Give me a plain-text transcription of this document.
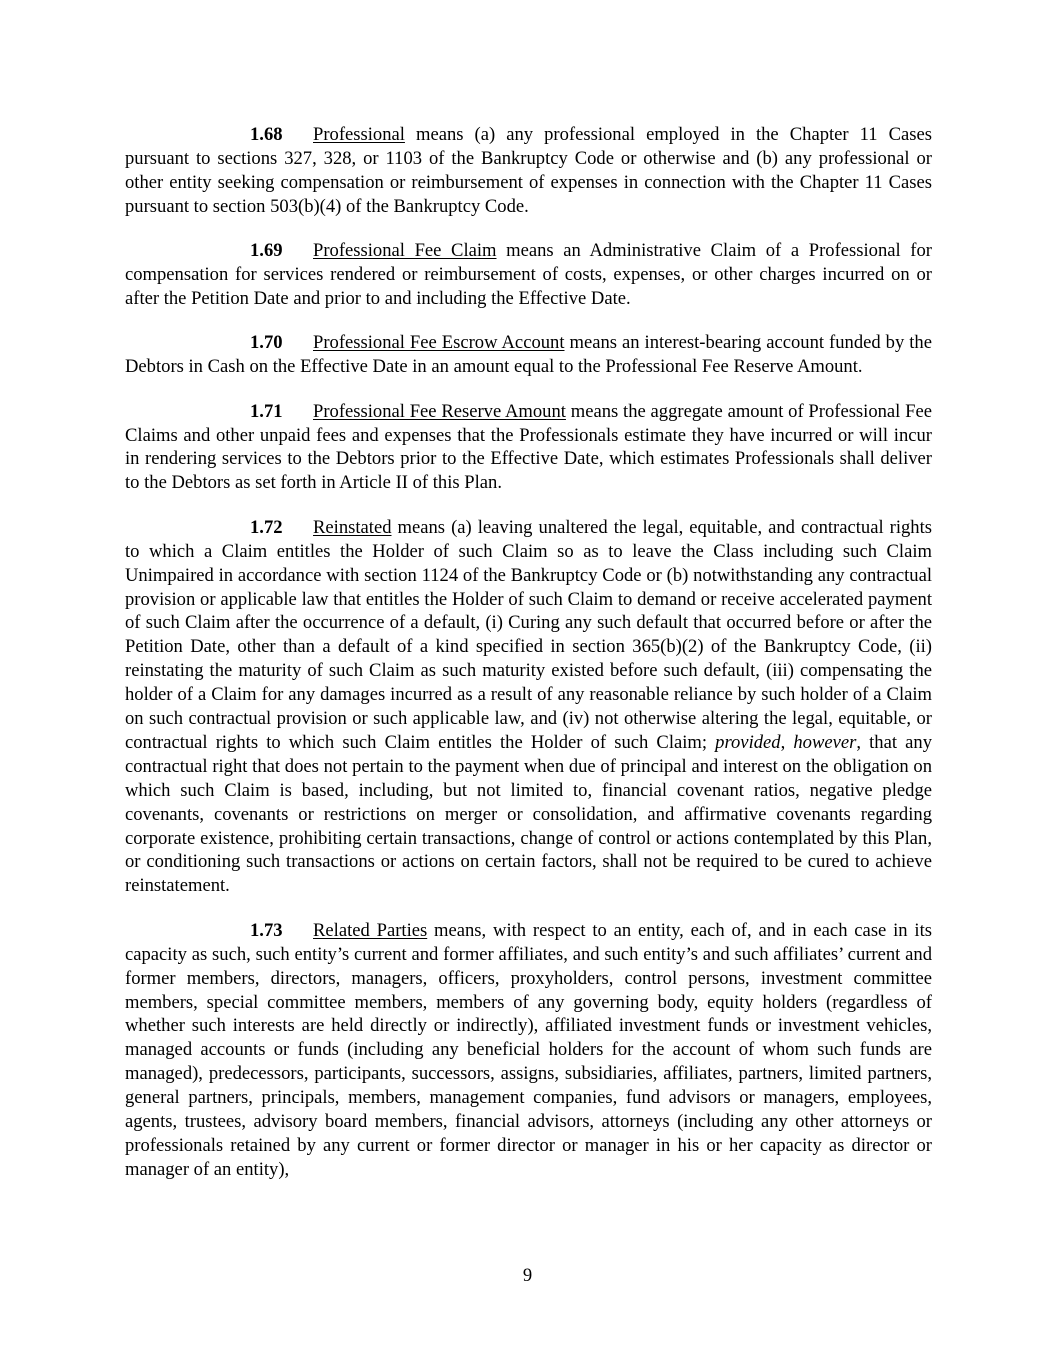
1.68 Professional means (a) any professional employed in the Chapter 11 Cases pursuant to sections 327, 328, or 1103 of the Bankruptcy Code or otherwise and (b) any professional or other entity seeking compensation or reimbursement of expenses in connection with the Chapter 11 Cases pursuant to section 503(b)(4) of the Bankruptcy Code.

1.69 Professional Fee Claim means an Administrative Claim of a Professional for compensation for services rendered or reimbursement of costs, expenses, or other charges incurred on or after the Petition Date and prior to and including the Effective Date.

1.70 Professional Fee Escrow Account means an interest-bearing account funded by the Debtors in Cash on the Effective Date in an amount equal to the Professional Fee Reserve Amount.

1.71 Professional Fee Reserve Amount means the aggregate amount of Professional Fee Claims and other unpaid fees and expenses that the Professionals estimate they have incurred or will incur in rendering services to the Debtors prior to the Effective Date, which estimates Professionals shall deliver to the Debtors as set forth in Article II of this Plan.

1.72 Reinstated means (a) leaving unaltered the legal, equitable, and contractual rights to which a Claim entitles the Holder of such Claim so as to leave the Class including such Claim Unimpaired in accordance with section 1124 of the Bankruptcy Code or (b) notwithstanding any contractual provision or applicable law that entitles the Holder of such Claim to demand or receive accelerated payment of such Claim after the occurrence of a default, (i) Curing any such default that occurred before or after the Petition Date, other than a default of a kind specified in section 365(b)(2) of the Bankruptcy Code, (ii) reinstating the maturity of such Claim as such maturity existed before such default, (iii) compensating the holder of a Claim for any damages incurred as a result of any reasonable reliance by such holder of a Claim on such contractual provision or such applicable law, and (iv) not otherwise altering the legal, equitable, or contractual rights to which such Claim entitles the Holder of such Claim; provided, however, that any contractual right that does not pertain to the payment when due of principal and interest on the obligation on which such Claim is based, including, but not limited to, financial covenant ratios, negative pledge covenants, covenants or restrictions on merger or consolidation, and affirmative covenants regarding corporate existence, prohibiting certain transactions, change of control or actions contemplated by this Plan, or conditioning such transactions or actions on certain factors, shall not be required to be cured to achieve reinstatement.

1.73 Related Parties means, with respect to an entity, each of, and in each case in its capacity as such, such entity’s current and former affiliates, and such entity’s and such affiliates’ current and former members, directors, managers, officers, proxyholders, control persons, investment committee members, special committee members, members of any governing body, equity holders (regardless of whether such interests are held directly or indirectly), affiliated investment funds or investment vehicles, managed accounts or funds (including any beneficial holders for the account of whom such funds are managed), predecessors, participants, successors, assigns, subsidiaries, affiliates, partners, limited partners, general partners, principals, members, management companies, fund advisors or managers, employees, agents, trustees, advisory board members, financial advisors, attorneys (including any other attorneys or professionals retained by any current or former director or manager in his or her capacity as director or manager of an entity),

9
